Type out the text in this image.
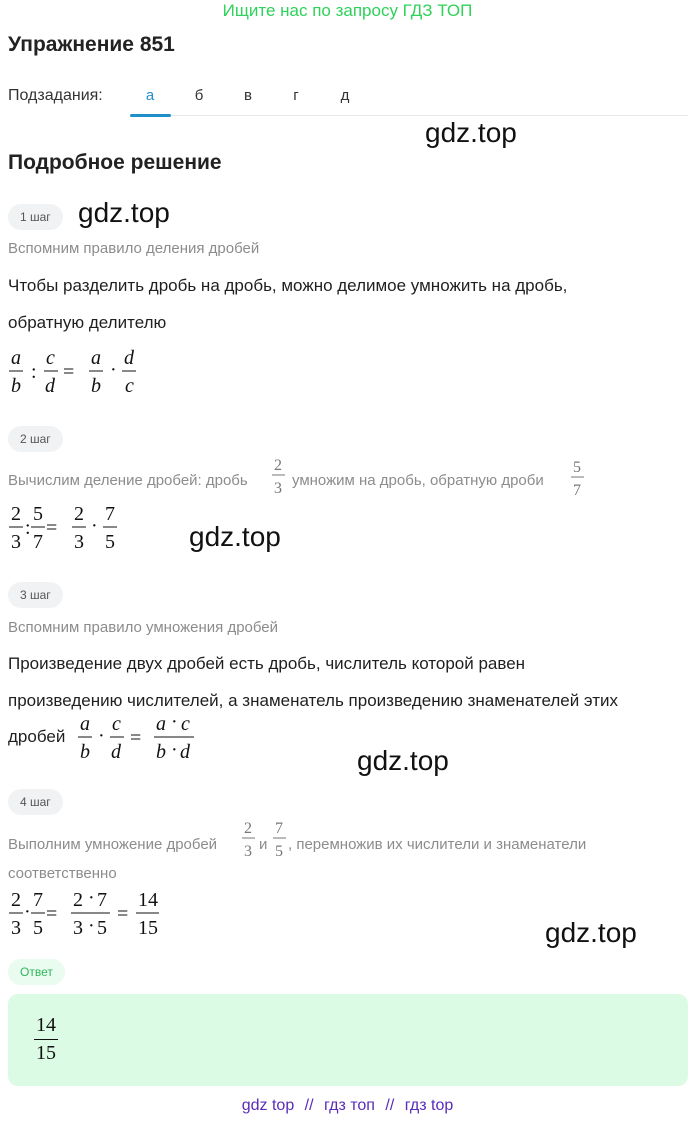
Ищите нас по запросу ГДЗ ТОП
Упражнение 851
Подзадания:	а	б	в	г	д
Подробное решение
gdz.top
gdz.top
gdz.top
gdz.top
gdz.top
1 шаг
Вспомним правило деления дробей
Чтобы разделить дробь на дробь, можно делимое умножить на дробь,
обратную делителю
a
b
:
c
d
=
a
b
·
d
c
2 шаг
Вычислим деление дробей: дробь
2
3 умножим на дробь, обратную дроби
5
7
2
3
:
5
7
=
2
3
·
7
5
3 шаг
Вспомним правило умножения дробей
Произведение двух дробей есть дробь, числитель которой равен
произведению числителей, а знаменатель произведению знаменателей этих
дробей
a
b
·
c
d
=
a · c
b · d
4 шаг
Выполним умножение дробей
2
3 и
7
5 , перемножив их числители и знаменатели
соответственно
2
3
·
7
5
=
2 · 7
3 · 5
=
14
15
Ответ
14
15
gdz top // гдз топ // гдз top
